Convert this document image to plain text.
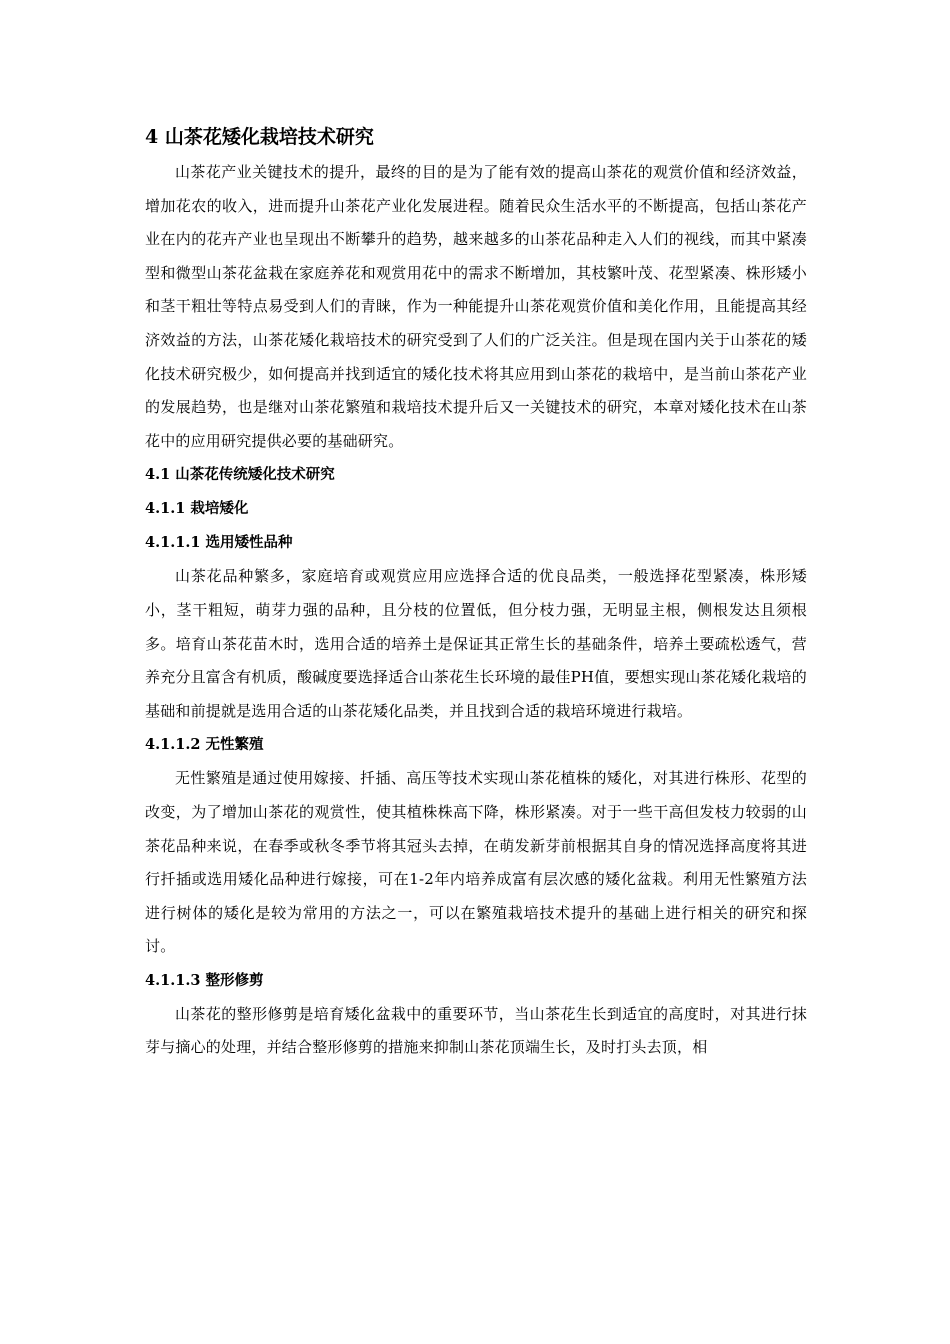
4 山茶花矮化栽培技术研究

山茶花产业关键技术的提升，最终的目的是为了能有效的提高山茶花的观赏价值和经济效益，增加花农的收入，进而提升山茶花产业化发展进程。随着民众生活水平的不断提高，包括山茶花产业在内的花卉产业也呈现出不断攀升的趋势，越来越多的山茶花品种走入人们的视线，而其中紧凑型和微型山茶花盆栽在家庭养花和观赏用花中的需求不断增加，其枝繁叶茂、花型紧凑、株形矮小和茎干粗壮等特点易受到人们的青睐，作为一种能提升山茶花观赏价值和美化作用，且能提高其经济效益的方法，山茶花矮化栽培技术的研究受到了人们的广泛关注。但是现在国内关于山茶花的矮化技术研究极少，如何提高并找到适宜的矮化技术将其应用到山茶花的栽培中，是当前山茶花产业的发展趋势，也是继对山茶花繁殖和栽培技术提升后又一关键技术的研究，本章对矮化技术在山茶花中的应用研究提供必要的基础研究。

4.1 山茶花传统矮化技术研究
4.1.1 栽培矮化
4.1.1.1 选用矮性品种

山茶花品种繁多，家庭培育或观赏应用应选择合适的优良品类，一般选择花型紧凑，株形矮小，茎干粗短，萌芽力强的品种，且分枝的位置低，但分枝力强，无明显主根，侧根发达且须根多。培育山茶花苗木时，选用合适的培养土是保证其正常生长的基础条件，培养土要疏松透气，营养充分且富含有机质，酸碱度要选择适合山茶花生长环境的最佳PH值，要想实现山茶花矮化栽培的基础和前提就是选用合适的山茶花矮化品类，并且找到合适的栽培环境进行栽培。

4.1.1.2 无性繁殖

无性繁殖是通过使用嫁接、扦插、高压等技术实现山茶花植株的矮化，对其进行株形、花型的改变，为了增加山茶花的观赏性，使其植株株高下降，株形紧凑。对于一些干高但发枝力较弱的山茶花品种来说，在春季或秋冬季节将其冠头去掉，在萌发新芽前根据其自身的情况选择高度将其进行扦插或选用矮化品种进行嫁接，可在1-2年内培养成富有层次感的矮化盆栽。利用无性繁殖方法进行树体的矮化是较为常用的方法之一，可以在繁殖栽培技术提升的基础上进行相关的研究和探讨。

4.1.1.3 整形修剪

山茶花的整形修剪是培育矮化盆栽中的重要环节，当山茶花生长到适宜的高度时，对其进行抹芽与摘心的处理，并结合整形修剪的措施来抑制山茶花顶端生长，及时打头去顶，相
